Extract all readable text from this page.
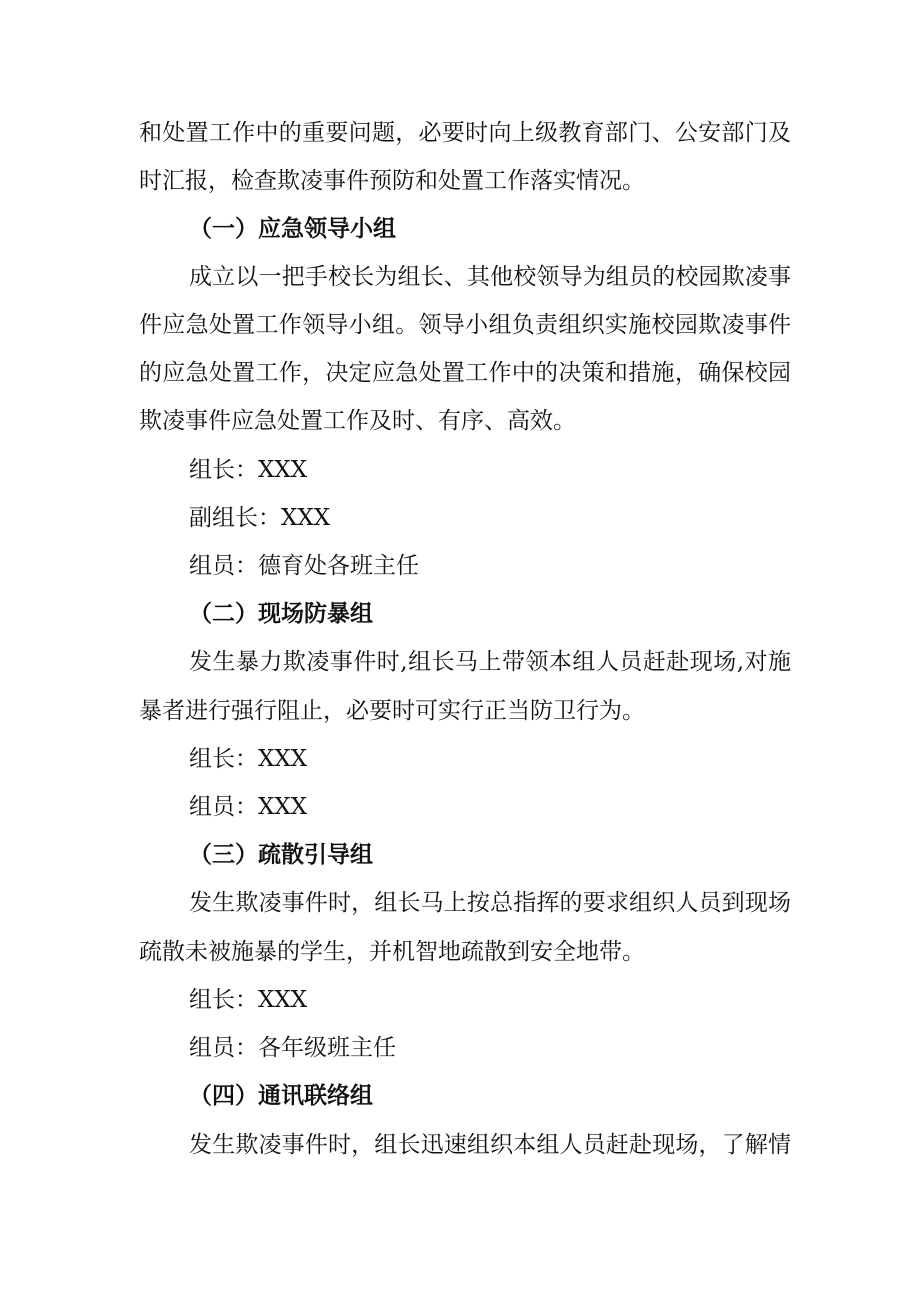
和处置工作中的重要问题，必要时向上级教育部门、公安部门及
时汇报，检查欺凌事件预防和处置工作落实情况。
（一）应急领导小组
成立以一把手校长为组长、其他校领导为组员的校园欺凌事
件应急处置工作领导小组。领导小组负责组织实施校园欺凌事件
的应急处置工作，决定应急处置工作中的决策和措施，确保校园
欺凌事件应急处置工作及时、有序、高效。
组长：XXX
副组长：XXX
组员：德育处各班主任
（二）现场防暴组
发生暴力欺凌事件时,组长马上带领本组人员赶赴现场,对施
暴者进行强行阻止，必要时可实行正当防卫行为。
组长：XXX
组员：XXX
（三）疏散引导组
发生欺凌事件时，组长马上按总指挥的要求组织人员到现场
疏散未被施暴的学生，并机智地疏散到安全地带。
组长：XXX
组员：各年级班主任
（四）通讯联络组
发生欺凌事件时，组长迅速组织本组人员赶赴现场，了解情
